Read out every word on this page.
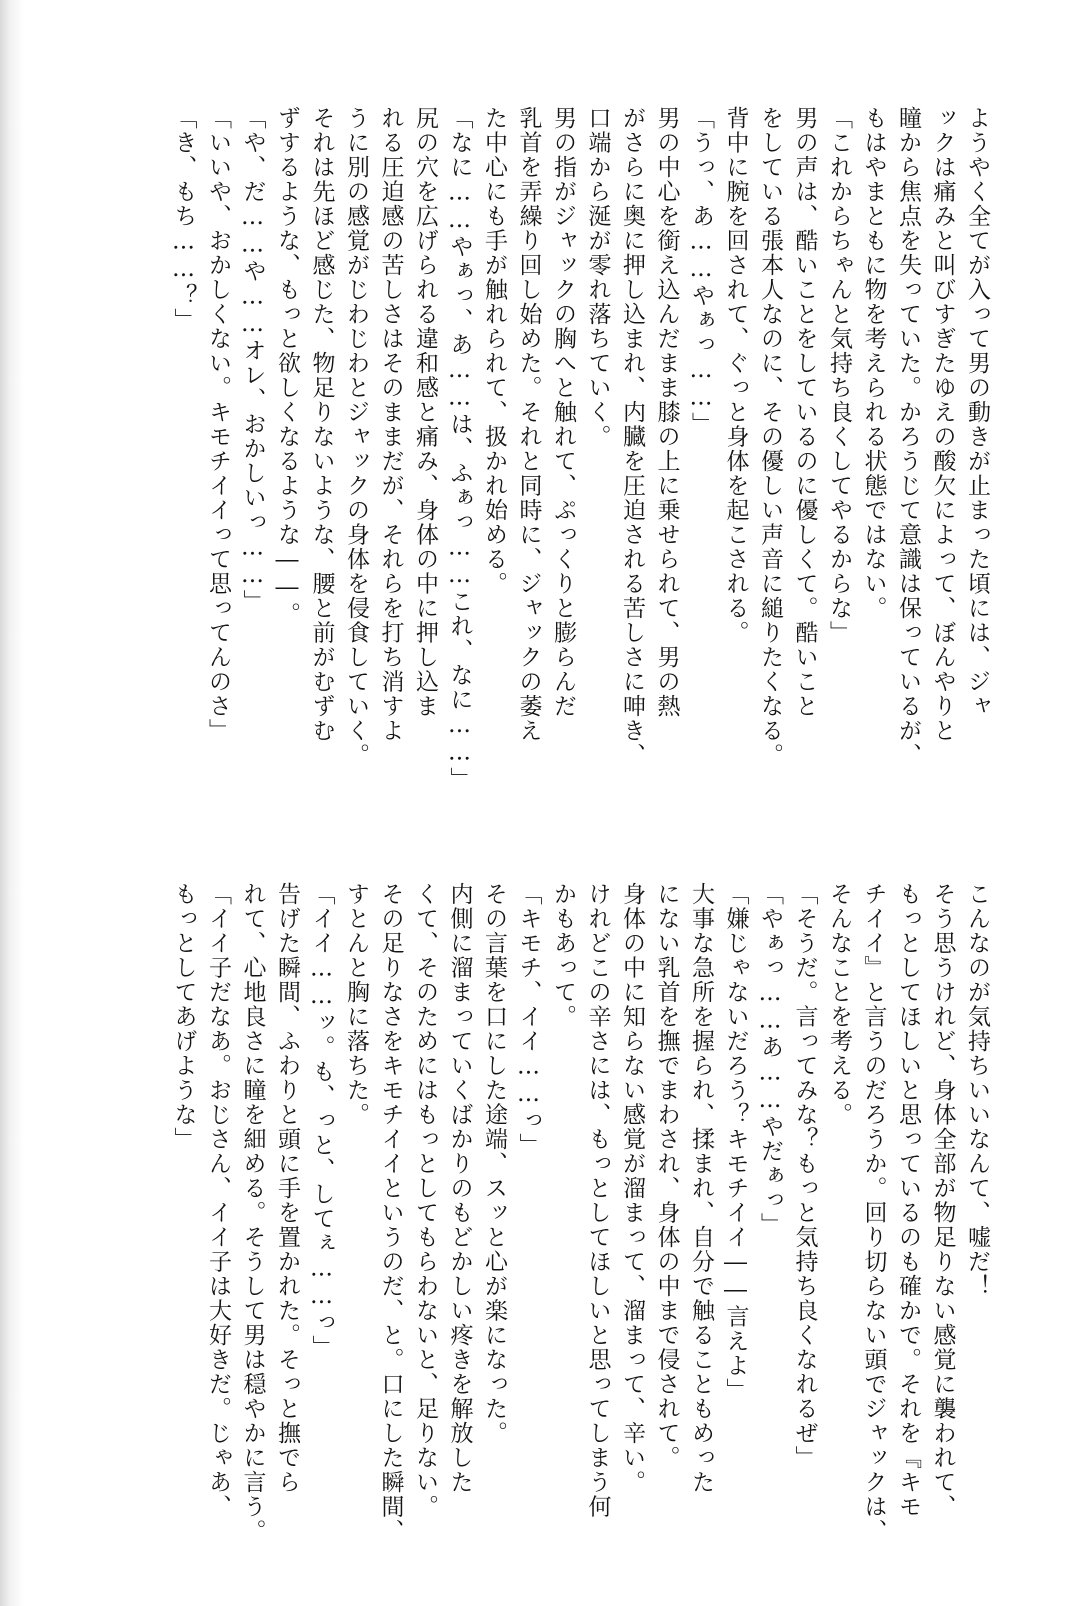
ようやく全てが入って男の動きが止まった頃には、ジャ
ックは痛みと叫びすぎたゆえの酸欠によって、ぼんやりと
瞳から焦点を失っていた。かろうじて意識は保っているが、
もはやまともに物を考えられる状態ではない。
「これからちゃんと気持ち良くしてやるからな」
男の声は、酷いことをしているのに優しくて。酷いこと
をしている張本人なのに、その優しい声音に縋りたくなる。
背中に腕を回されて、ぐっと身体を起こされる。
「うっ、あ……やぁっ……」
男の中心を銜え込んだまま膝の上に乗せられて、男の熱
がさらに奥に押し込まれ、内臓を圧迫される苦しさに呻き、
口端から涎が零れ落ちていく。
男の指がジャックの胸へと触れて、ぷっくりと膨らんだ
乳首を弄繰り回し始めた。それと同時に、ジャックの萎え
た中心にも手が触れられて、扱かれ始める。
「なに……やぁっ、あ……は、ふぁっ……これ、なに……」
尻の穴を広げられる違和感と痛み、身体の中に押し込ま
れる圧迫感の苦しさはそのままだが、それらを打ち消すよ
うに別の感覚がじわじわとジャックの身体を侵食していく。
それは先ほど感じた、物足りないような、腰と前がむずむ
ずするような、もっと欲しくなるような――。
「や、だ……や……オレ、おかしいっ……」
「いいや、おかしくない。キモチイイって思ってんのさ」
「き、もち……？」
こんなのが気持ちいいなんて、嘘だ！
そう思うけれど、身体全部が物足りない感覚に襲われて、
もっとしてほしいと思っているのも確かで。それを『キモ
チイイ』と言うのだろうか。回り切らない頭でジャックは、
そんなことを考える。
「そうだ。言ってみな？もっと気持ち良くなれるぜ」
「やぁっ……あ……やだぁっ」
「嫌じゃないだろう？キモチイイ――言えよ」
大事な急所を握られ、揉まれ、自分で触ることもめった
にない乳首を撫でまわされ、身体の中まで侵されて。
身体の中に知らない感覚が溜まって、溜まって、辛い。
けれどこの辛さには、もっとしてほしいと思ってしまう何
かもあって。
「キモチ、イイ……っ」
その言葉を口にした途端、スッと心が楽になった。
内側に溜まっていくばかりのもどかしい疼きを解放した
くて、そのためにはもっとしてもらわないと、足りない。
その足りなさをキモチイイというのだ、と。口にした瞬間、
すとんと胸に落ちた。
「イイ……ッ。も、っと、してぇ……っ」
告げた瞬間、ふわりと頭に手を置かれた。そっと撫でら
れて、心地良さに瞳を細める。そうして男は穏やかに言う。
「イイ子だなあ。おじさん、イイ子は大好きだ。じゃあ、
もっとしてあげような」
